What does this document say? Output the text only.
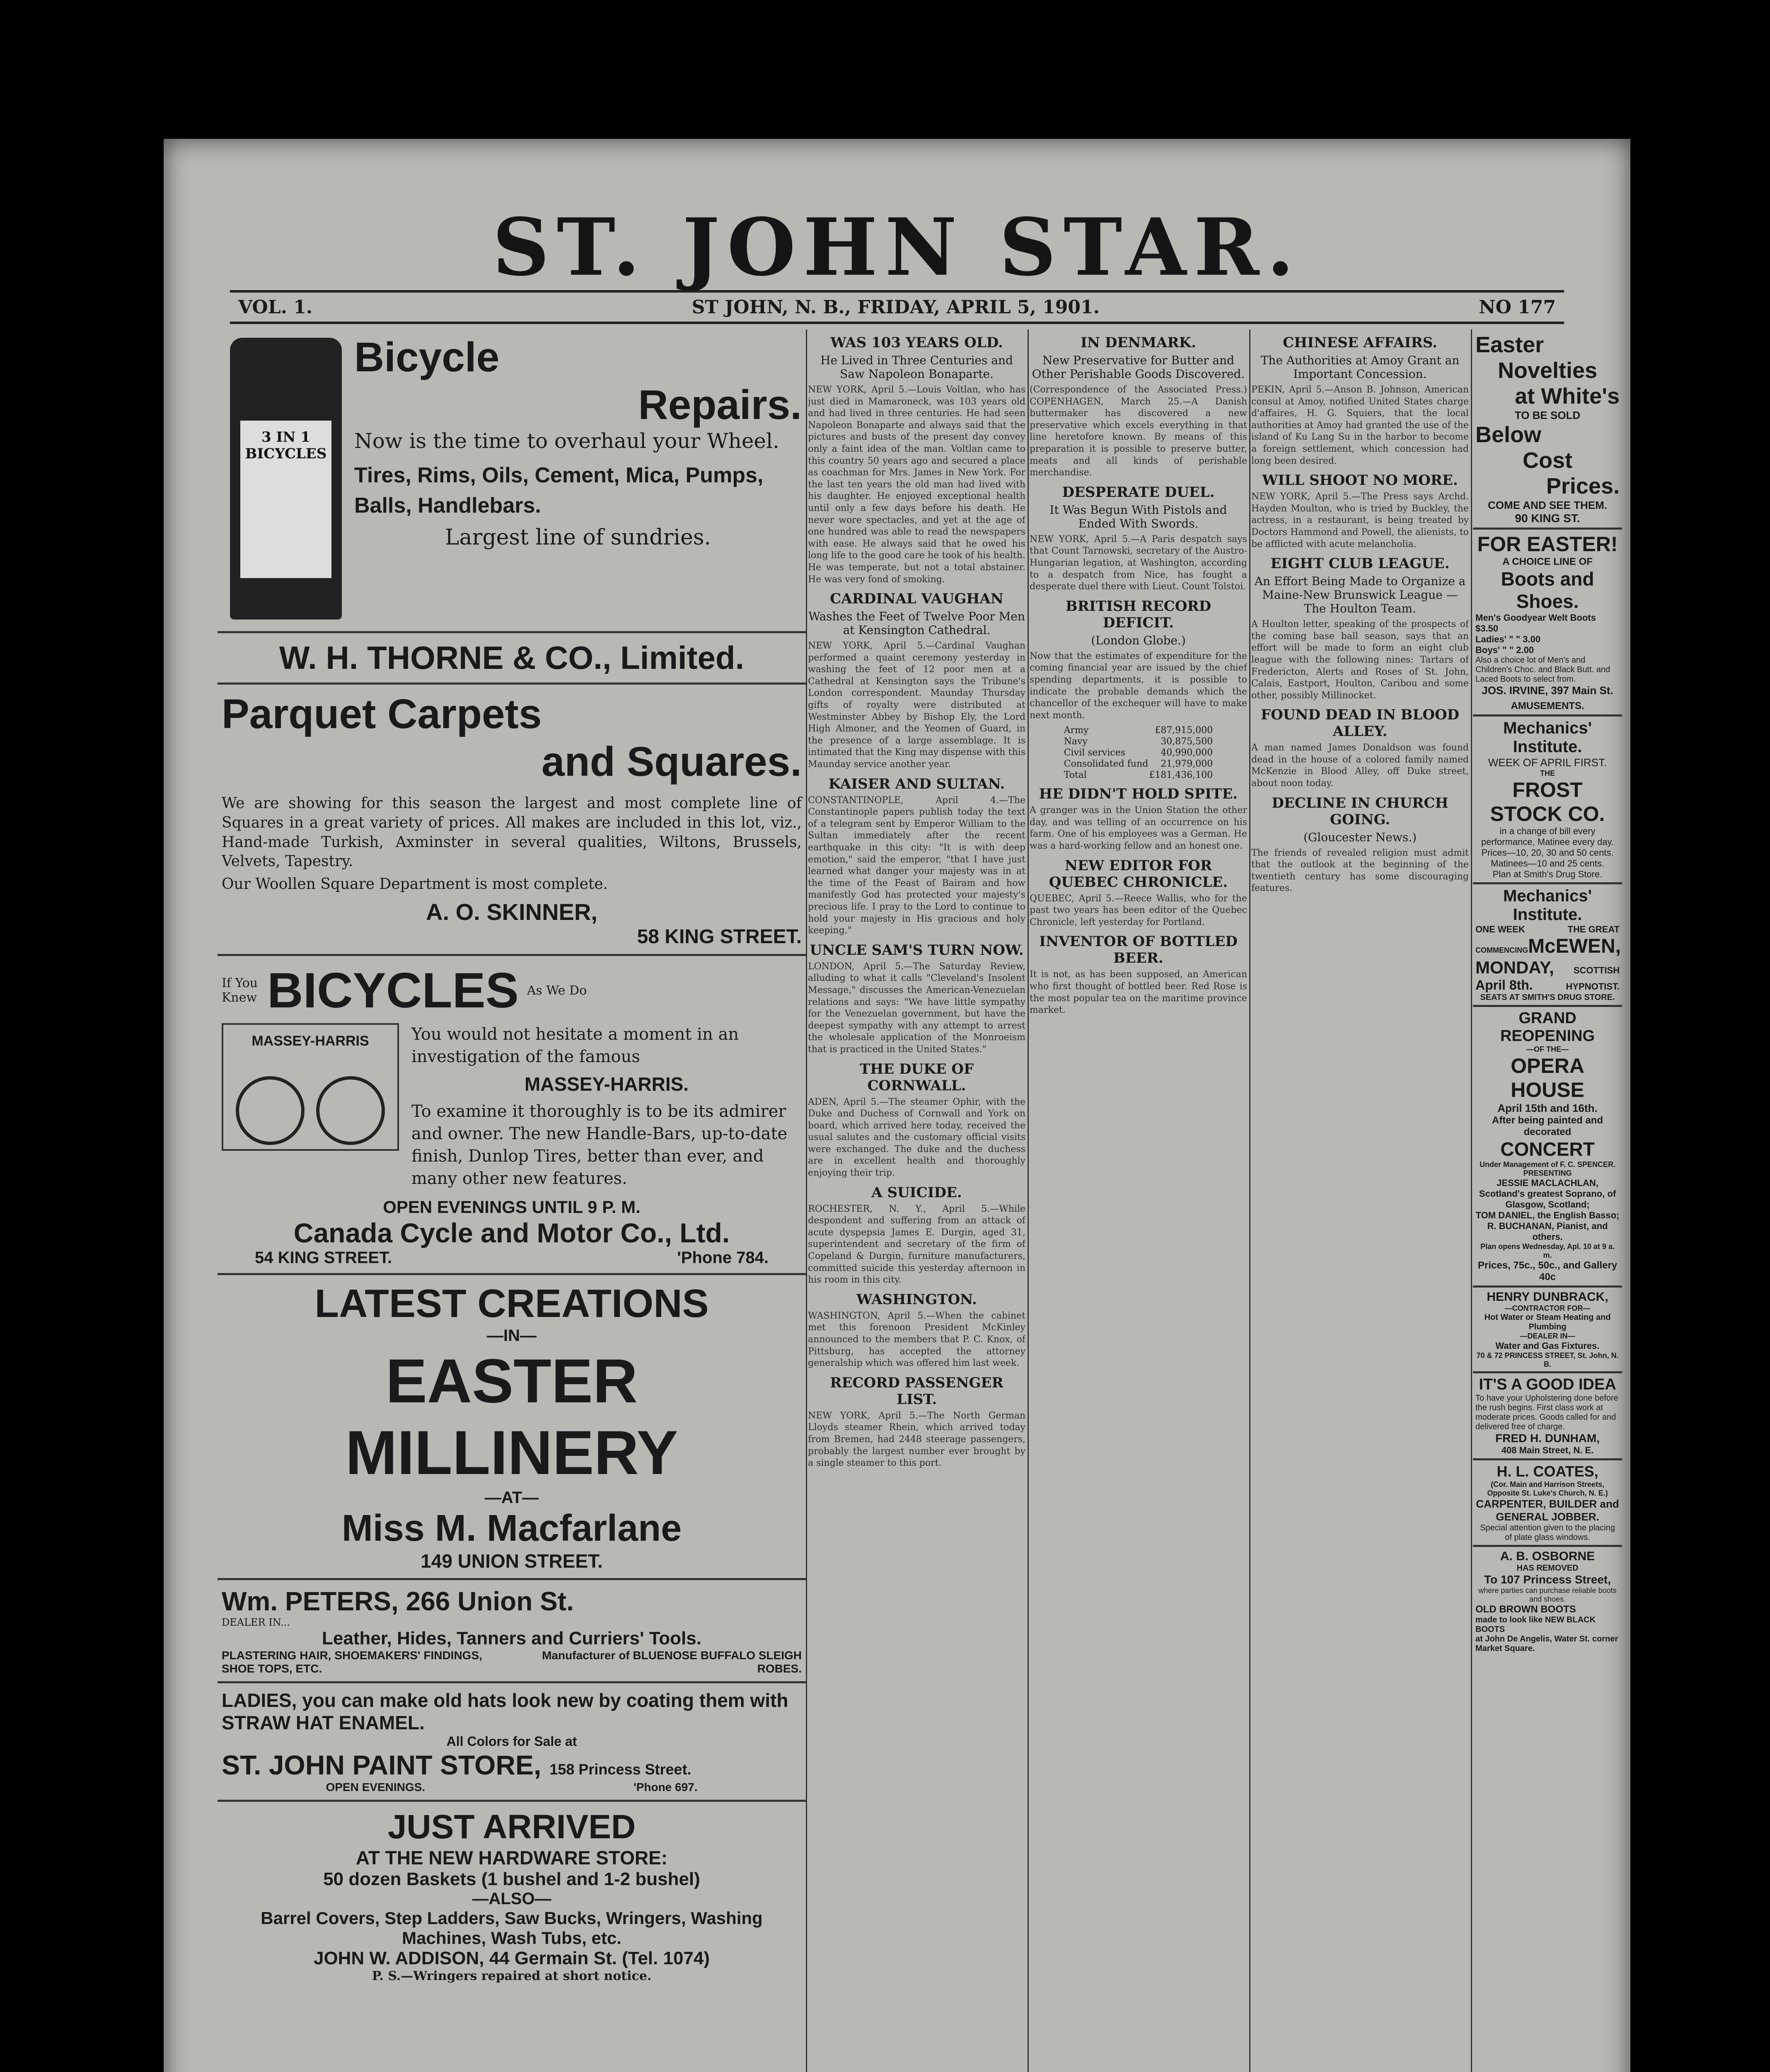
ST. JOHN STAR.
VOL. 1.	ST JOHN, N. B., FRIDAY, APRIL 5, 1901.	NO 177
3 IN 1 BICYCLES
Bicycle
Repairs.
Now is the time to overhaul your Wheel.
Tires, Rims, Oils, Cement, Mica, Pumps, Balls, Handlebars.
Largest line of sundries.
W. H. THORNE & CO., Limited.
Parquet Carpets
and Squares.
We are showing for this season the largest and most complete line of Squares in a great variety of prices. All makes are included in this lot, viz., Hand-made Turkish, Axminster in several qualities, Wiltons, Brussels, Velvets, Tapestry.
Our Woollen Square Department is most complete.
A. O. SKINNER,
58 KING STREET.
If You Knew BICYCLES As We Do
MASSEY-HARRIS	You would not hesitate a moment in an investigation of the famous
MASSEY-HARRIS.
To examine it thoroughly is to be its admirer and owner. The new Handle-Bars, up-to-date finish, Dunlop Tires, better than ever, and many other new features.
OPEN EVENINGS UNTIL 9 P. M.
Canada Cycle and Motor Co., Ltd.
54 KING STREET.	'Phone 784.
LATEST CREATIONS
—IN—
EASTER MILLINERY
—AT—
Miss M. Macfarlane
149 UNION STREET.
Wm. PETERS, 266 Union St.
DEALER IN...
Leather, Hides, Tanners and Curriers' Tools.
PLASTERING HAIR, SHOEMAKERS' FINDINGS, SHOE TOPS, ETC.
Manufacturer of BLUENOSE BUFFALO SLEIGH ROBES.
LADIES, you can make old hats look new by coating them with STRAW HAT ENAMEL.
All Colors for Sale at
ST. JOHN PAINT STORE, 158 Princess Street.
OPEN EVENINGS.	'Phone 697.
JUST ARRIVED
AT THE NEW HARDWARE STORE:
50 dozen Baskets (1 bushel and 1-2 bushel)
—ALSO—
Barrel Covers, Step Ladders, Saw Bucks, Wringers, Washing Machines, Wash Tubs, etc.
JOHN W. ADDISON, 44 Germain St. (Tel. 1074)
P. S.—Wringers repaired at short notice.
WAS 103 YEARS OLD.
He Lived in Three Centuries and Saw Napoleon Bonaparte.
NEW YORK, April 5.—Louis Voltlan, who has just died in Mamaroneck, was 103 years old and had lived in three centuries. He had seen Napoleon Bonaparte and always said that the pictures and busts of the present day convey only a faint idea of the man. Voltlan came to this country 50 years ago and secured a place as coachman for Mrs. James in New York. For the last ten years the old man had lived with his daughter. He enjoyed exceptional health until only a few days before his death. He never wore spectacles, and yet at the age of one hundred was able to read the newspapers with ease. He always said that he owed his long life to the good care he took of his health. He was temperate, but not a total abstainer. He was very fond of smoking.
CARDINAL VAUGHAN
Washes the Feet of Twelve Poor Men at Kensington Cathedral.
NEW YORK, April 5.—Cardinal Vaughan performed a quaint ceremony yesterday in washing the feet of 12 poor men at a Cathedral at Kensington says the Tribune's London correspondent. Maunday Thursday gifts of royalty were distributed at Westminster Abbey by Bishop Ely, the Lord High Almoner, and the Yeomen of Guard, in the presence of a large assemblage. It is intimated that the King may dispense with this Maunday service another year.
KAISER AND SULTAN.
CONSTANTINOPLE, April 4.—The Constantinople papers publish today the text of a telegram sent by Emperor William to the Sultan immediately after the recent earthquake in this city: "It is with deep emotion," said the emperor, "that I have just learned what danger your majesty was in at the time of the Feast of Bairam and how manifestly God has protected your majesty's precious life. I pray to the Lord to continue to hold your majesty in His gracious and holy keeping."
UNCLE SAM'S TURN NOW.
LONDON, April 5.—The Saturday Review, alluding to what it calls "Cleveland's Insolent Message," discusses the American-Venezuelan relations and says: "We have little sympathy for the Venezuelan government, but have the deepest sympathy with any attempt to arrest the wholesale application of the Monroeism that is practiced in the United States."
THE DUKE OF CORNWALL.
ADEN, April 5.—The steamer Ophir, with the Duke and Duchess of Cornwall and York on board, which arrived here today, received the usual salutes and the customary official visits were exchanged. The duke and the duchess are in excellent health and thoroughly enjoying their trip.
A SUICIDE.
ROCHESTER, N. Y., April 5.—While despondent and suffering from an attack of acute dyspepsia James E. Durgin, aged 31, superintendent and secretary of the firm of Copeland & Durgin, furniture manufacturers, committed suicide this yesterday afternoon in his room in this city.
WASHINGTON.
WASHINGTON, April 5.—When the cabinet met this forenoon President McKinley announced to the members that P. C. Knox, of Pittsburg, has accepted the attorney generalship which was offered him last week.
RECORD PASSENGER LIST.
NEW YORK, April 5.—The North German Lloyds steamer Rhein, which arrived today from Bremen, had 2448 steerage passengers, probably the largest number ever brought by a single steamer to this port.
IN DENMARK.
New Preservative for Butter and Other Perishable Goods Discovered.
(Correspondence of the Associated Press.) COPENHAGEN, March 25.—A Danish buttermaker has discovered a new preservative which excels everything in that line heretofore known. By means of this preparation it is possible to preserve butter, meats and all kinds of perishable merchandise.
DESPERATE DUEL.
It Was Begun With Pistols and Ended With Swords.
NEW YORK, April 5.—A Paris despatch says that Count Tarnowski, secretary of the Austro-Hungarian legation, at Washington, according to a despatch from Nice, has fought a desperate duel there with Lieut. Count Tolstoi.
BRITISH RECORD DEFICIT.
(London Globe.)
Now that the estimates of expenditure for the coming financial year are issued by the chief spending departments, it is possible to indicate the probable demands which the chancellor of the exchequer will have to make next month.
Army	£87,915,000
Navy	30,875,500
Civil services	40,990,000
Consolidated fund	21,979,000
Total	£181,436,100
HE DIDN'T HOLD SPITE.
A granger was in the Union Station the other day, and was telling of an occurrence on his farm. One of his employees was a German. He was a hard-working fellow and an honest one.
NEW EDITOR FOR QUEBEC CHRONICLE.
QUEBEC, April 5.—Reece Wallis, who for the past two years has been editor of the Quebec Chronicle, left yesterday for Portland.
INVENTOR OF BOTTLED BEER.
It is not, as has been supposed, an American who first thought of bottled beer. Red Rose is the most popular tea on the maritime province market.
CHINESE AFFAIRS.
The Authorities at Amoy Grant an Important Concession.
PEKIN, April 5.—Anson B. Johnson, American consul at Amoy, notified United States charge d'affaires, H. G. Squiers, that the local authorities at Amoy had granted the use of the island of Ku Lang Su in the harbor to become a foreign settlement, which concession had long been desired.
WILL SHOOT NO MORE.
NEW YORK, April 5.—The Press says Archd. Hayden Moulton, who is tried by Buckley, the actress, in a restaurant, is being treated by Doctors Hammond and Powell, the alienists, to be afflicted with acute melancholia.
EIGHT CLUB LEAGUE.
An Effort Being Made to Organize a Maine-New Brunswick League —The Houlton Team.
A Houlton letter, speaking of the prospects of the coming base ball season, says that an effort will be made to form an eight club league with the following nines: Tartars of Fredericton, Alerts and Roses of St. John, Calais, Eastport, Houlton, Caribou and some other, possibly Millinocket.
FOUND DEAD IN BLOOD ALLEY.
A man named James Donaldson was found dead in the house of a colored family named McKenzie in Blood Alley, off Duke street, about noon today.
DECLINE IN CHURCH GOING.
(Gloucester News.)
The friends of revealed religion must admit that the outlook at the beginning of the twentieth century has some discouraging features.
Easter
Novelties
at White's
TO BE SOLD
Below
Cost
Prices.
COME AND SEE THEM.
90 KING ST.
FOR EASTER!
A CHOICE LINE OF
Boots and Shoes.
Men's Goodyear Welt Boots $3.50
Ladies' " " 3.00
Boys' " " 2.00
Also a choice lot of Men's and Children's Choc. and Black Butt. and Laced Boots to select from.
JOS. IRVINE, 397 Main St.
AMUSEMENTS.
Mechanics' Institute.
WEEK OF APRIL FIRST.
THE
FROST STOCK CO.
in a change of bill every performance, Matinee every day.
Prices—10, 20, 30 and 50 cents. Matinees—10 and 25 cents.
Plan at Smith's Drug Store.
Mechanics' Institute.
ONE WEEK	THE GREAT
COMMENCING McEWEN,
MONDAY, SCOTTISH
April 8th.	HYPNOTIST.
SEATS AT SMITH'S DRUG STORE.
GRAND REOPENING
—OF THE—
OPERA HOUSE
April 15th and 16th.
After being painted and decorated
CONCERT
Under Management of F. C. SPENCER.
PRESENTING
JESSIE MACLACHLAN, Scotland's greatest Soprano, of Glasgow, Scotland;
TOM DANIEL, the English Basso;
R. BUCHANAN, Pianist, and others.
Plan opens Wednesday, Apl. 10 at 9 a. m.
Prices, 75c., 50c., and Gallery 40c
HENRY DUNBRACK,
—CONTRACTOR FOR—
Hot Water or Steam Heating and Plumbing
—DEALER IN—
Water and Gas Fixtures.
70 & 72 PRINCESS STREET, St. John, N. B.
IT'S A GOOD IDEA
To have your Upholstering done before the rush begins. First class work at moderate prices. Goods called for and delivered free of charge.
FRED H. DUNHAM,
408 Main Street, N. E.
H. L. COATES,
(Cor. Main and Harrison Streets, Opposite St. Luke's Church, N. E.)
CARPENTER, BUILDER and GENERAL JOBBER.
Special attention given to the placing of plate glass windows.
A. B. OSBORNE
HAS REMOVED
To 107 Princess Street,
where parties can purchase reliable boots and shoes.
OLD BROWN BOOTS
made to look like NEW BLACK BOOTS
at John De Angelis, Water St. corner Market Square.
